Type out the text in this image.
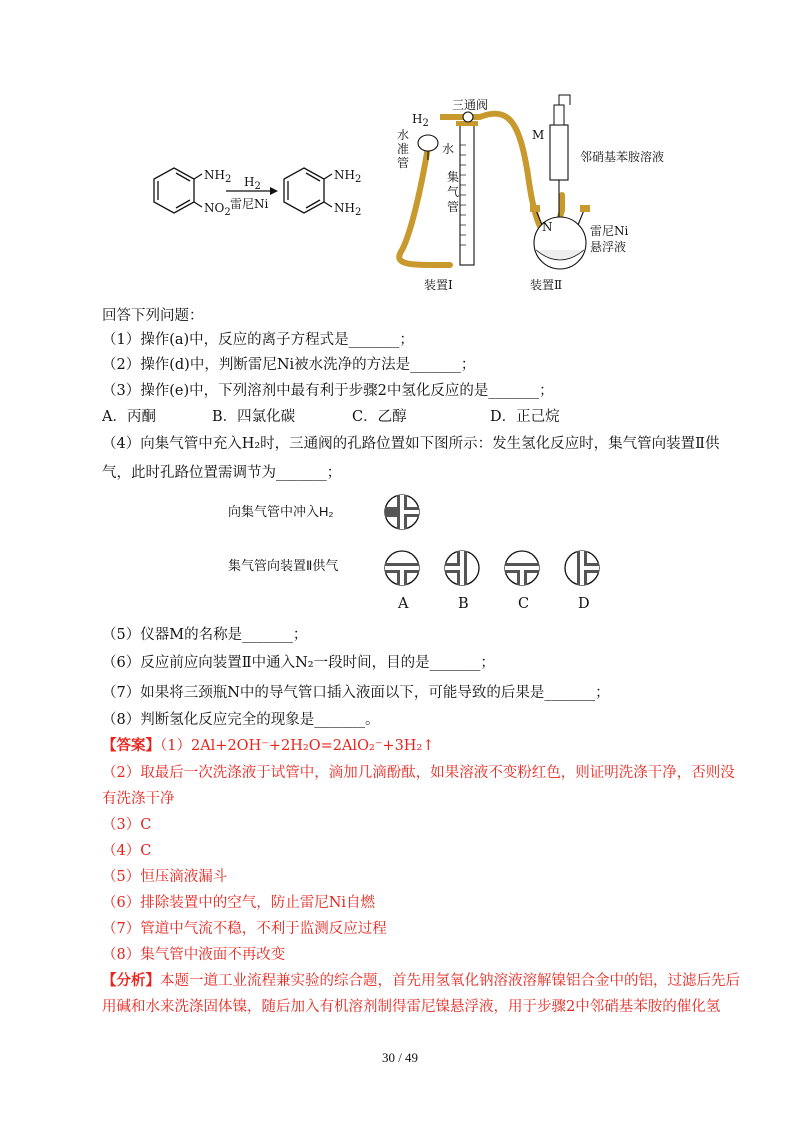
$NH_2$
$NO_2$
$H_2$
雷尼Ni
$NH_2$
$NH_2$
$H_2$
三通阀
水准管
水
集气管
M
邻硝基苯胺溶液
N	雷尼Ni
悬浮液
装置Ⅰ	装置Ⅱ
回答下列问题：
（1）操作(a)中，反应的离子方程式是_______；
（2）操作(d)中，判断雷尼Ni被水洗净的方法是_______；
（3）操作(e)中，下列溶剂中最有利于步骤2中氢化反应的是_______；
A．丙酮	B．四氯化碳	C．乙醇	D．正己烷
（4）向集气管中充入H₂时，三通阀的孔路位置如下图所示：发生氢化反应时，集气管向装置Ⅱ供
气，此时孔路位置需调节为_______；
向集气管中冲入H₂
集气管向装置Ⅱ供气
A	B	C	D
（5）仪器M的名称是_______；
（6）反应前应向装置Ⅱ中通入N₂一段时间，目的是_______；
（7）如果将三颈瓶N中的导气管口插入液面以下，可能导致的后果是_______；
（8）判断氢化反应完全的现象是_______。
【答案】（1）2Al+2OH⁻+2H₂O=2AlO₂⁻+3H₂↑
（2）取最后一次洗涤液于试管中，滴加几滴酚酞，如果溶液不变粉红色，则证明洗涤干净，否则没
有洗涤干净
（3）C
（4）C
（5）恒压滴液漏斗
（6）排除装置中的空气，防止雷尼Ni自燃
（7）管道中气流不稳，不利于监测反应过程
（8）集气管中液面不再改变
【分析】本题一道工业流程兼实验的综合题，首先用氢氧化钠溶液溶解镍铝合金中的铝，过滤后先后
用碱和水来洗涤固体镍，随后加入有机溶剂制得雷尼镍悬浮液，用于步骤2中邻硝基苯胺的催化氢
30 / 49
